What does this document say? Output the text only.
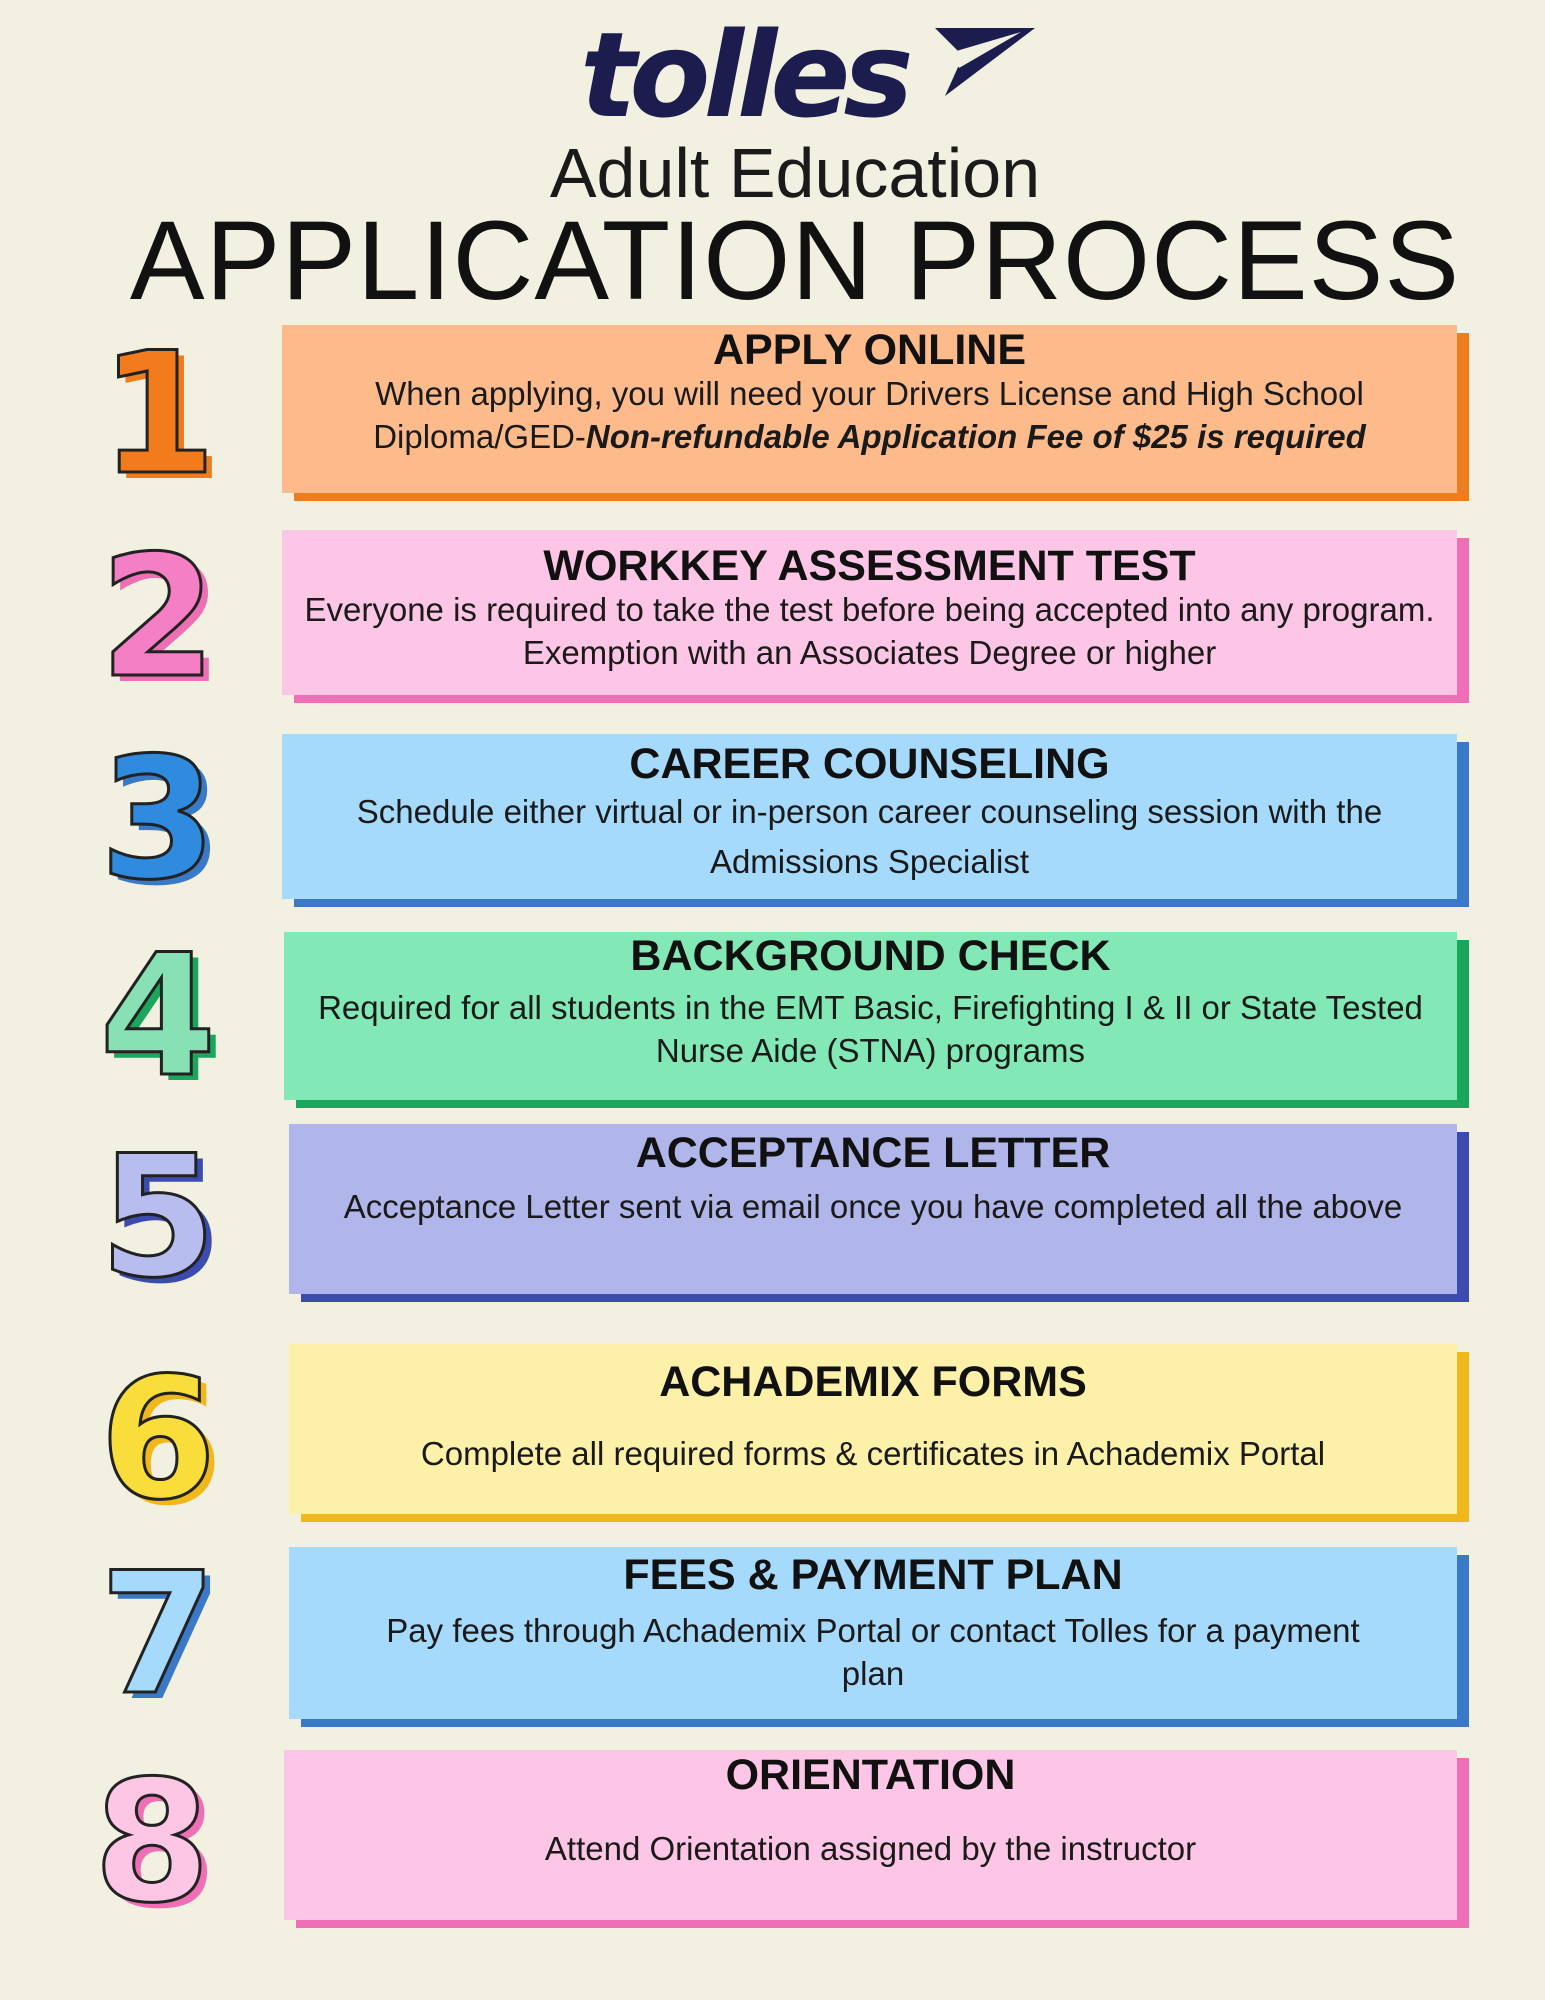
tolles
Adult Education
APPLICATION PROCESS
1	APPLY ONLINE
When applying, you will need your Drivers License and High School Diploma/GED-Non-refundable Application Fee of $25 is required
2	WORKKEY ASSESSMENT TEST
Everyone is required to take the test before being accepted into any program. Exemption with an Associates Degree or higher
3	CAREER COUNSELING
Schedule either virtual or in-person career counseling session with the Admissions Specialist
4	BACKGROUND CHECK
Required for all students in the EMT Basic, Firefighting I & II or State Tested Nurse Aide (STNA) programs
5	ACCEPTANCE LETTER
Acceptance Letter sent via email once you have completed all the above
6	ACHADEMIX FORMS
Complete all required forms & certificates in Achademix Portal
7	FEES & PAYMENT PLAN
Pay fees through Achademix Portal or contact Tolles for a payment plan
8	ORIENTATION
Attend Orientation assigned by the instructor
